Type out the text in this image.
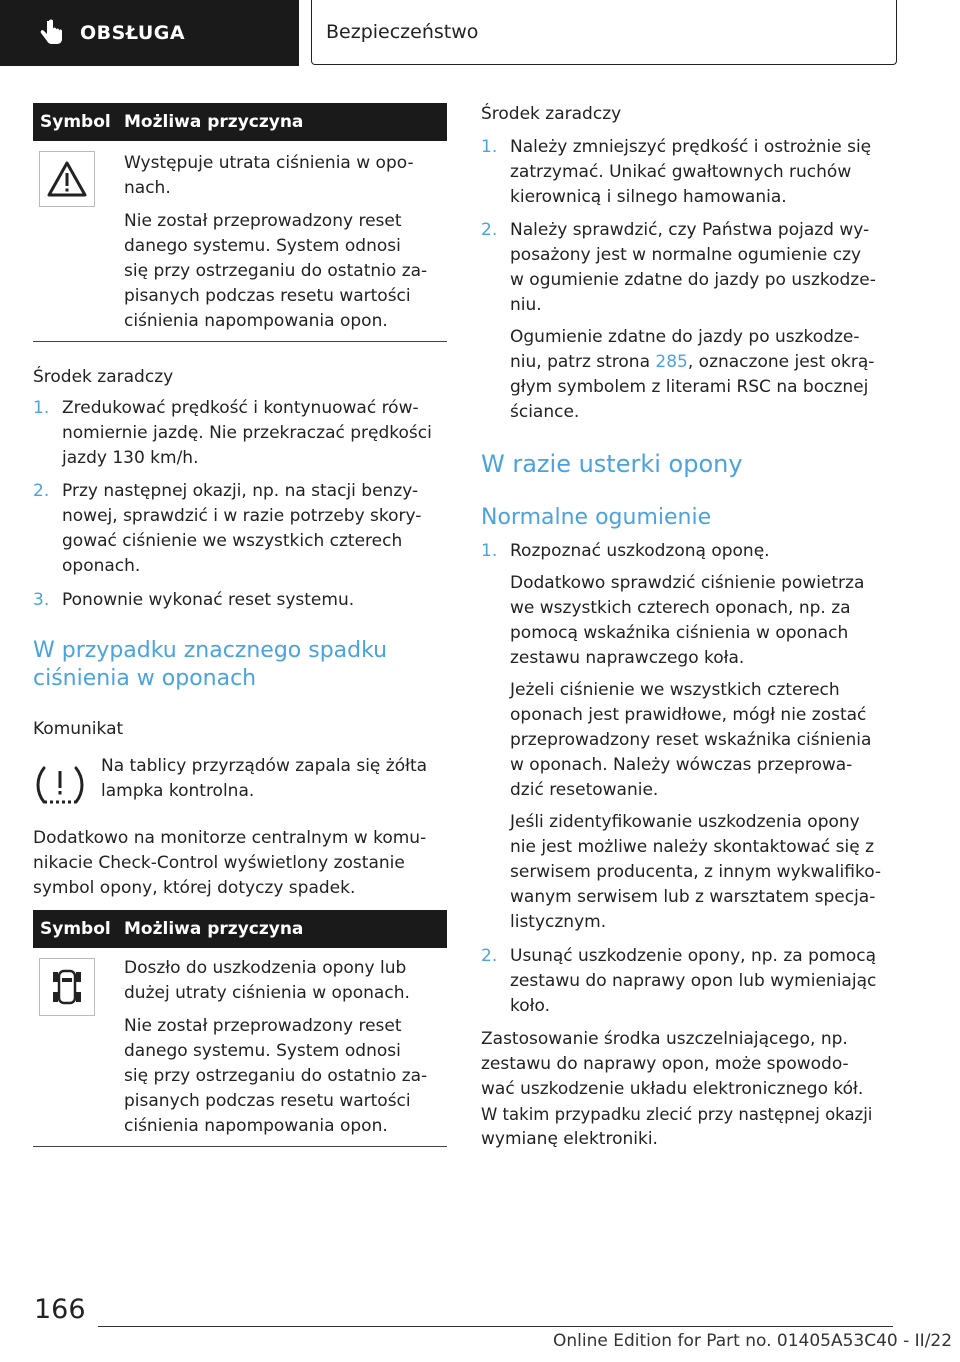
OBSŁUGA	Bezpieczeństwo
Symbol Możliwa przyczyna

Występuje utrata ciśnienia w opo-

nach.

Nie został przeprowadzony reset

danego systemu. System odnosi

się przy ostrzeganiu do ostatnio za-

pisanych podczas resetu wartości

ciśnienia napompowania opon.

Środek zaradczy

1. Zredukować prędkość i kontynuować rów-

nomiernie jazdę. Nie przekraczać prędkości

jazdy 130 km/h.

2. Przy następnej okazji, np. na stacji benzy-

nowej, sprawdzić i w razie potrzeby skory-

gować ciśnienie we wszystkich czterech

oponach.

3. Ponownie wykonać reset systemu.

W przypadku znacznego spadku
ciśnienia w oponach

Komunikat

Na tablicy przyrządów zapala się żółta

lampka kontrolna.

Dodatkowo na monitorze centralnym w komu-

nikacie Check-Control wyświetlony zostanie

symbol opony, której dotyczy spadek.

Symbol Możliwa przyczyna

Doszło do uszkodzenia opony lub

dużej utraty ciśnienia w oponach.

Nie został przeprowadzony reset

danego systemu. System odnosi

się przy ostrzeganiu do ostatnio za-

pisanych podczas resetu wartości

ciśnienia napompowania opon.

Środek zaradczy

1. Należy zmniejszyć prędkość i ostrożnie się

zatrzymać. Unikać gwałtownych ruchów

kierownicą i silnego hamowania.

2. Należy sprawdzić, czy Państwa pojazd wy-

posażony jest w normalne ogumienie czy

w ogumienie zdatne do jazdy po uszkodze-

niu.

Ogumienie zdatne do jazdy po uszkodze-

niu, patrz strona 285, oznaczone jest okrą-

głym symbolem z literami RSC na bocznej

ściance.

W razie usterki opony
Normalne ogumienie
1. Rozpoznać uszkodzoną oponę.

Dodatkowo sprawdzić ciśnienie powietrza

we wszystkich czterech oponach, np. za

pomocą wskaźnika ciśnienia w oponach

zestawu naprawczego koła.

Jeżeli ciśnienie we wszystkich czterech

oponach jest prawidłowe, mógł nie zostać

przeprowadzony reset wskaźnika ciśnienia

w oponach. Należy wówczas przeprowa-

dzić resetowanie.

Jeśli zidentyfikowanie uszkodzenia opony

nie jest możliwe należy skontaktować się z

serwisem producenta, z innym wykwalifiko-

wanym serwisem lub z warsztatem specja-

listycznym.

2. Usunąć uszkodzenie opony, np. za pomocą

zestawu do naprawy opon lub wymieniając

koło.

Zastosowanie środka uszczelniającego, np.

zestawu do naprawy opon, może spowodo-

wać uszkodzenie układu elektronicznego kół.

W takim przypadku zlecić przy następnej okazji

wymianę elektroniki.

166
Online Edition for Part no. 01405A53C40 - II/22
